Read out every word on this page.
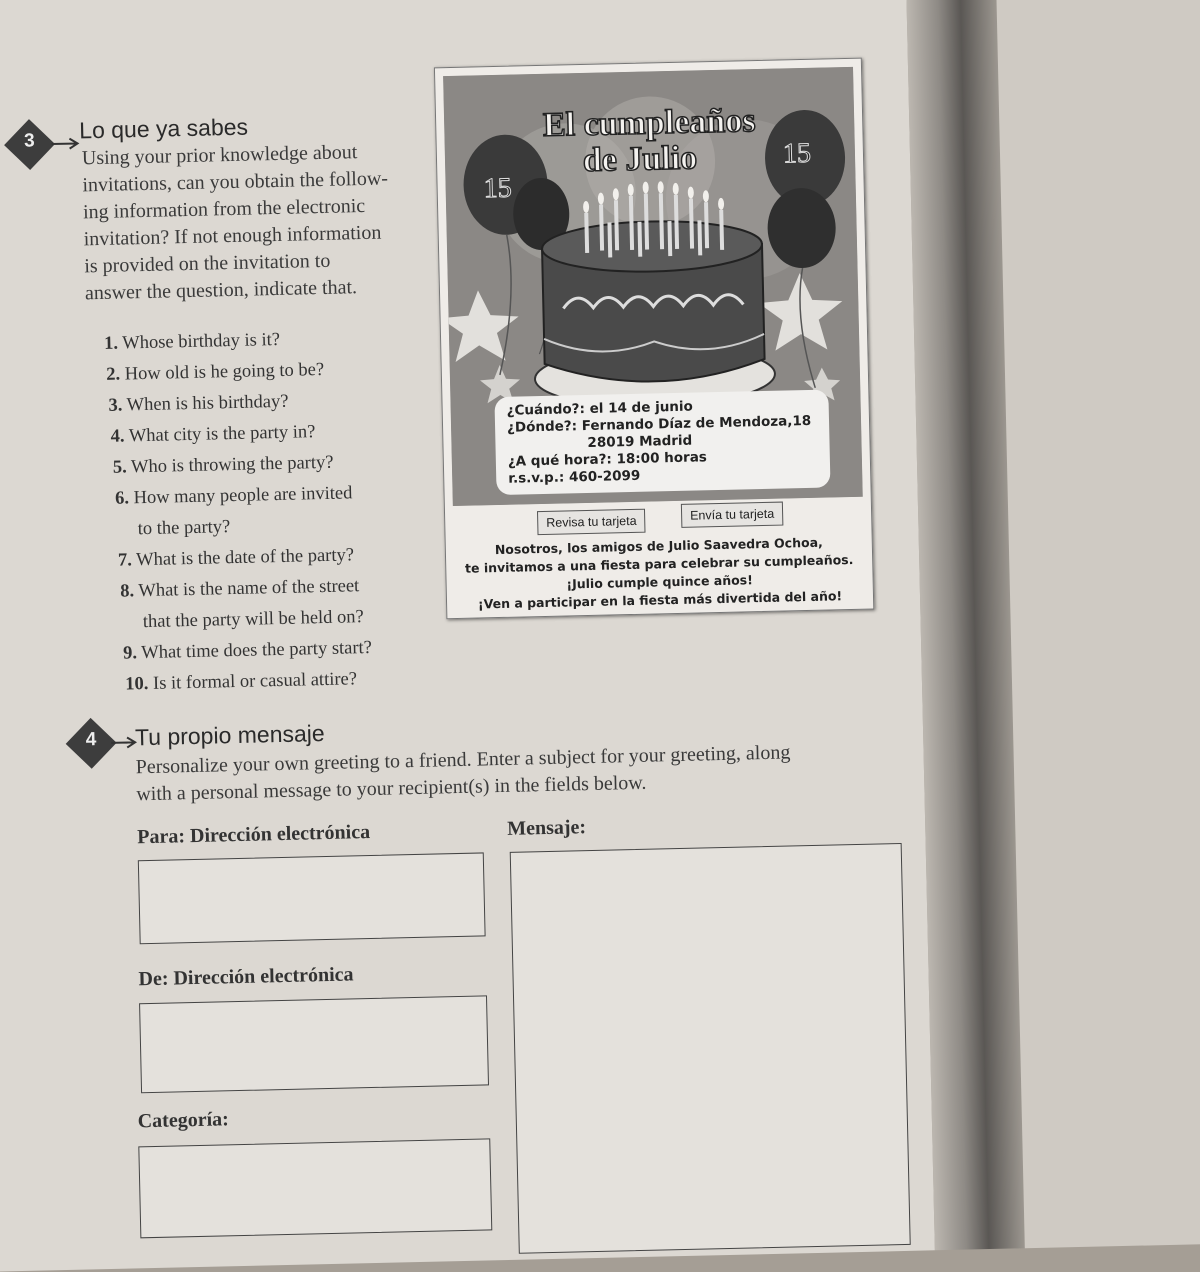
3	Lo que ya sabes
Using your prior knowledge about
invitations, can you obtain the follow-
ing information from the electronic
invitation? If not enough information
is provided on the invitation to
answer the question, indicate that.
1. Whose birthday is it?
2. How old is he going to be?
3. When is his birthday?
4. What city is the party in?
5. Who is throwing the party?
6. How many people are invited
to the party?
7. What is the date of the party?
8. What is the name of the street
that the party will be held on?
9. What time does the party start?
10. Is it formal or casual attire?
15
15
El cumpleaños
de Julio
¿Cuándo?: el 14 de junio
¿Dónde?: Fernando Díaz de Mendoza,18
28019 Madrid
¿A qué hora?: 18:00 horas
r.s.v.p.: 460-2099
Revisa tu tarjeta	Envía tu tarjeta
Nosotros, los amigos de Julio Saavedra Ochoa,
te invitamos a una fiesta para celebrar su cumpleaños.
¡Julio cumple quince años!
¡Ven a participar en la fiesta más divertida del año!
4	Tu propio mensaje
Personalize your own greeting to a friend. Enter a subject for your greeting, along
with a personal message to your recipient(s) in the fields below.
Para: Dirección electrónica
De: Dirección electrónica
Categoría:
Mensaje:
